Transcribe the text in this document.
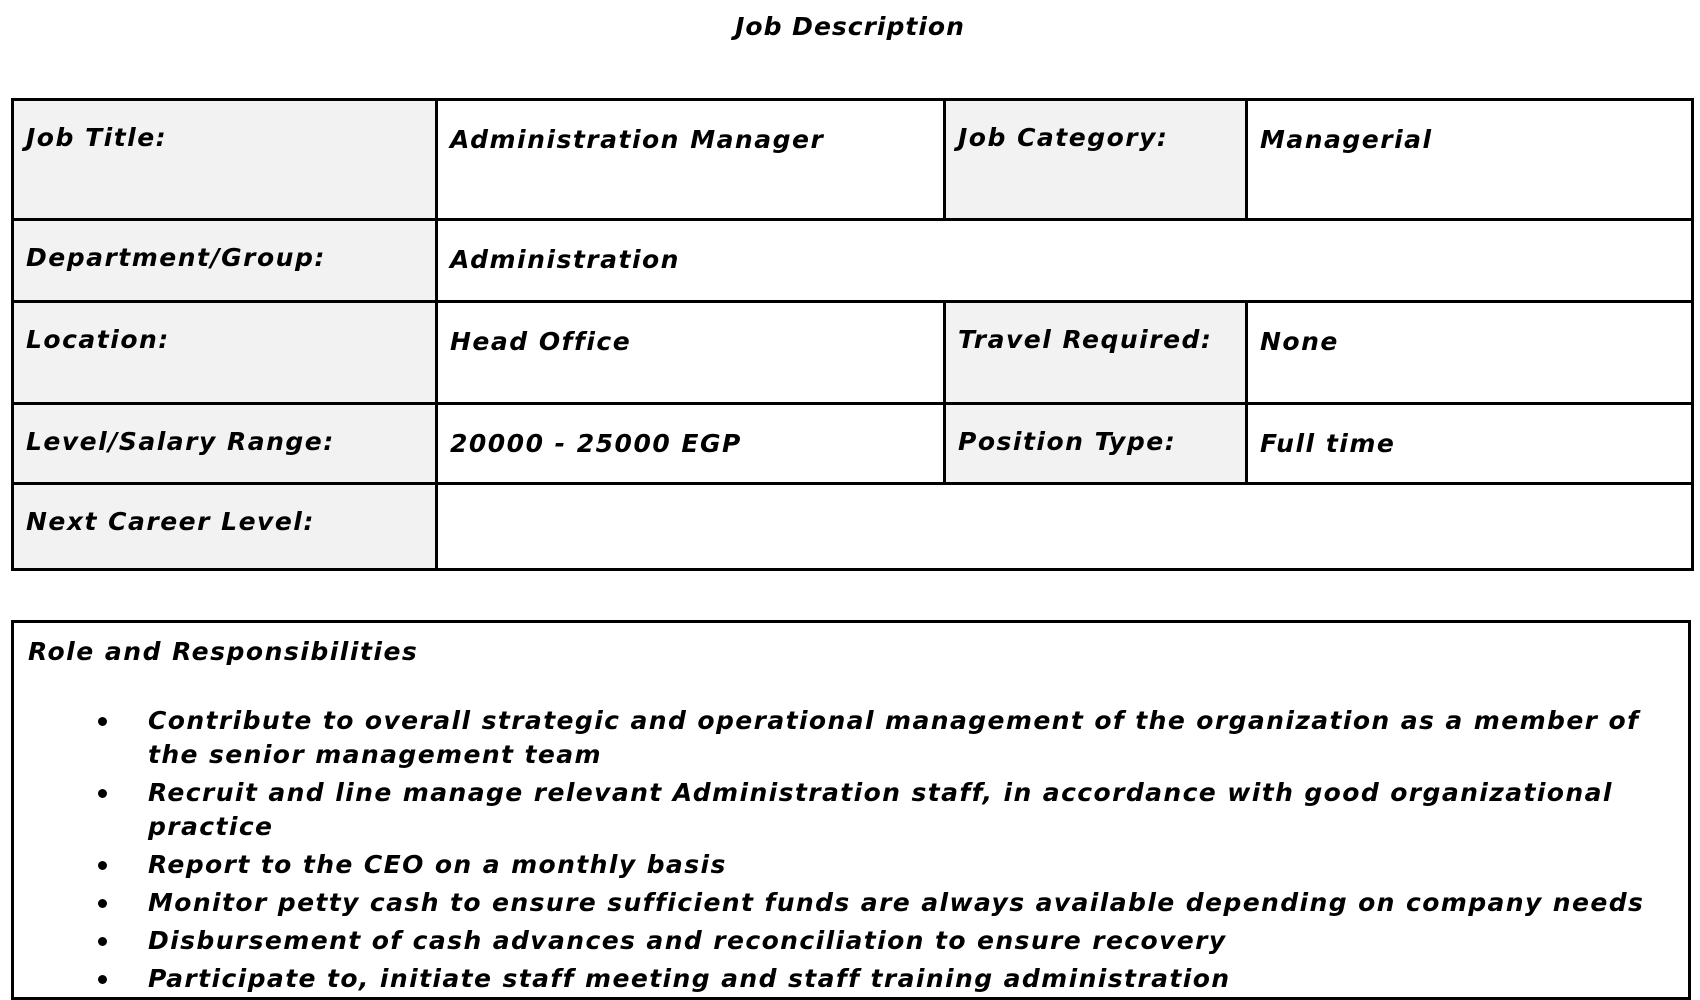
Job Description
Job Title:	Administration Manager	Job Category:	Managerial
Department/Group:	Administration		
Location:	Head Office	Travel Required:	None
Level/Salary Range:	20000 - 25000 EGP	Position Type:	Full time
Next Career Level:			
Role and Responsibilities
Contribute to overall strategic and operational management of the organization as a member of the senior management team
Recruit and line manage relevant Administration staff, in accordance with good organizational practice
Report to the CEO on a monthly basis
Monitor petty cash to ensure sufficient funds are always available depending on company needs
Disbursement of cash advances and reconciliation to ensure recovery
Participate to, initiate staff meeting and staff training administration
